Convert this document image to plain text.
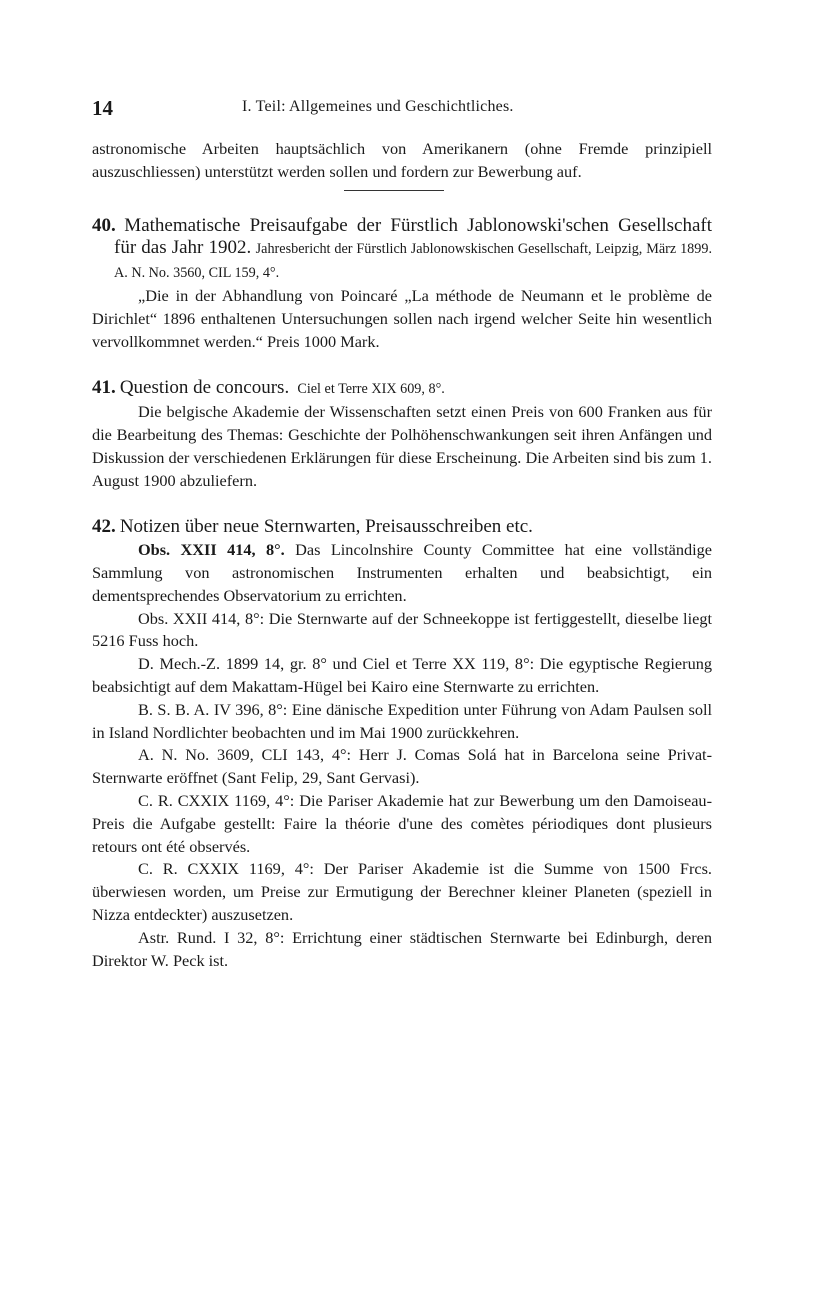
14	I. Teil: Allgemeines und Geschichtliches.

astronomische Arbeiten hauptsächlich von Amerikanern (ohne Fremde prinzipiell auszuschliessen) unterstützt werden sollen und fordern zur Bewerbung auf.

40. Mathematische Preisaufgabe der Fürstlich Jablonowski'schen Gesellschaft für das Jahr 1902. Jahresbericht der Fürstlich Jablonowskischen Gesellschaft, Leipzig, März 1899. A. N. No. 3560, CIL 159, 4°.

„Die in der Abhandlung von Poincaré „La méthode de Neumann et le problème de Dirichlet“ 1896 enthaltenen Untersuchungen sollen nach irgend welcher Seite hin wesentlich vervollkommnet werden.“ Preis 1000 Mark.

41. Question de concours. Ciel et Terre XIX 609, 8°.

Die belgische Akademie der Wissenschaften setzt einen Preis von 600 Franken aus für die Bearbeitung des Themas: Geschichte der Polhöhenschwankungen seit ihren Anfängen und Diskussion der verschiedenen Erklärungen für diese Erscheinung. Die Arbeiten sind bis zum 1. August 1900 abzuliefern.

42. Notizen über neue Sternwarten, Preisausschreiben etc.

Obs. XXII 414, 8°. Das Lincolnshire County Committee hat eine vollständige Sammlung von astronomischen Instrumenten erhalten und beabsichtigt, ein dementsprechendes Observatorium zu errichten.

Obs. XXII 414, 8°: Die Sternwarte auf der Schneekoppe ist fertiggestellt, dieselbe liegt 5216 Fuss hoch.

D. Mech.-Z. 1899 14, gr. 8° und Ciel et Terre XX 119, 8°: Die egyptische Regierung beabsichtigt auf dem Makattam-Hügel bei Kairo eine Sternwarte zu errichten.

B. S. B. A. IV 396, 8°: Eine dänische Expedition unter Führung von Adam Paulsen soll in Island Nordlichter beobachten und im Mai 1900 zurückkehren.

A. N. No. 3609, CLI 143, 4°: Herr J. Comas Solá hat in Barcelona seine Privat-Sternwarte eröffnet (Sant Felip, 29, Sant Gervasi).

C. R. CXXIX 1169, 4°: Die Pariser Akademie hat zur Bewerbung um den Damoiseau-Preis die Aufgabe gestellt: Faire la théorie d'une des comètes périodiques dont plusieurs retours ont été observés.

C. R. CXXIX 1169, 4°: Der Pariser Akademie ist die Summe von 1500 Frcs. überwiesen worden, um Preise zur Ermutigung der Berechner kleiner Planeten (speziell in Nizza entdeckter) auszusetzen.

Astr. Rund. I 32, 8°: Errichtung einer städtischen Sternwarte bei Edinburgh, deren Direktor W. Peck ist.
